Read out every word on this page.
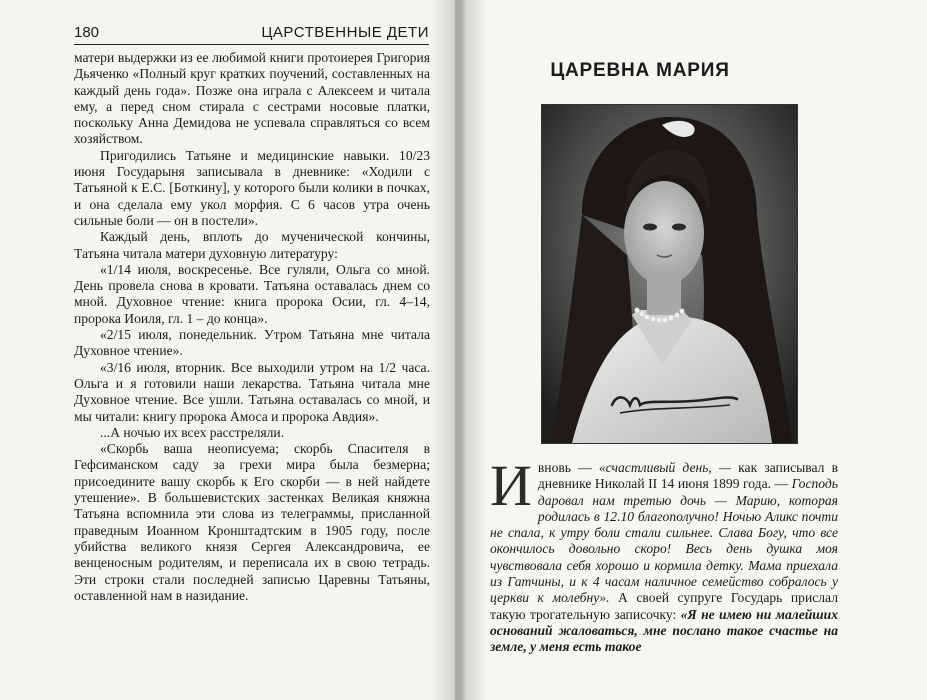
180	ЦАРСТВЕННЫЕ ДЕТИ

матери выдержки из ее любимой книги протоиерея Григория Дьяченко «Полный круг кратких поучений, составленных на каждый день года». Позже она играла с Алексеем и читала ему, а перед сном стирала с сестрами носовые платки, поскольку Анна Демидова не успевала справляться со всем хозяйством.

Пригодились Татьяне и медицинские навыки. 10/23 июня Государыня записывала в дневнике: «Ходили с Татьяной к Е.С. [Боткину], у которого были колики в почках, и она сделала ему укол морфия. С 6 часов утра очень сильные боли — он в постели».

Каждый день, вплоть до мученической кончины, Татьяна читала матери духовную литературу:

«1/14 июля, воскресенье. Все гуляли, Ольга со мной. День провела снова в кровати. Татьяна оставалась днем со мной. Духовное чтение: книга пророка Осии, гл. 4–14, пророка Иоиля, гл. 1 – до конца».

«2/15 июля, понедельник. Утром Татьяна мне читала Духовное чтение».

«3/16 июля, вторник. Все выходили утром на 1/2 часа. Ольга и я готовили наши лекарства. Татьяна читала мне Духовное чтение. Все ушли. Татьяна оставалась со мной, и мы читали: книгу пророка Амоса и пророка Авдия».

...А ночью их всех расстреляли.

«Скорбь ваша неописуема; скорбь Спасителя в Гефсиманском саду за грехи мира была безмерна; присоедините вашу скорбь к Его скорби — в ней найдете утешение». В большевистских застенках Великая княжна Татьяна вспомнила эти слова из телеграммы, присланной праведным Иоанном Кронштадтским в 1905 году, после убийства великого князя Сергея Александровича, ее венценосным родителям, и переписала их в свою тетрадь. Эти строки стали последней записью Царевны Татьяны, оставленной нам в назидание.

ЦАРЕВНА МАРИЯ

И вновь — «счастливый день, — как записывал в дневнике Николай II 14 июня 1899 года. — Господь даровал нам третью дочь — Марию, которая родилась в 12.10 благополучно! Ночью Аликс почти не спала, к утру боли стали сильнее. Слава Богу, что все окончилось довольно скоро! Весь день душка моя чувствовала себя хорошо и кормила детку. Мама приехала из Гатчины, и к 4 часам наличное семейство собралось у церкви к молебну». А своей супруге Государь прислал такую трогательную записочку: «Я не имею ни малейших оснований жаловаться, мне послано такое счастье на земле, у меня есть такое
